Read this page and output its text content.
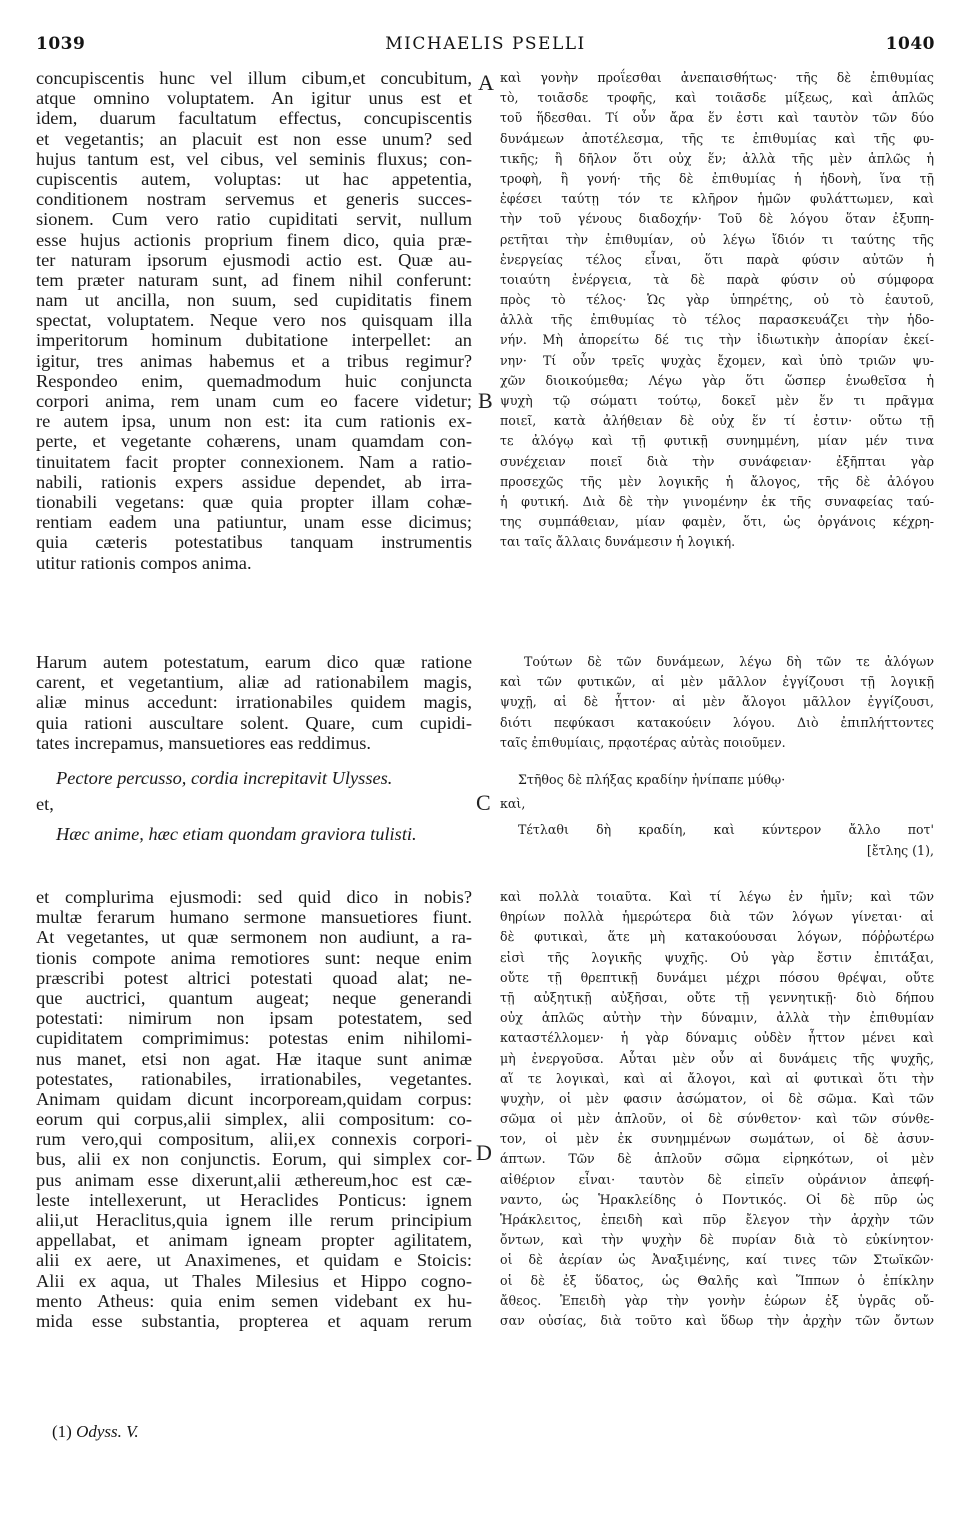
1039	MICHAELIS PSELLI	1040
A
B
C
D
concupiscentis hunc vel illum cibum,et concubitum,
atque omnino voluptatem. An igitur unus est et
idem, duarum facultatum effectus, concupiscentis
et vegetantis; an placuit est non esse unum? sed
hujus tantum est, vel cibus, vel seminis fluxus; con-
cupiscentis autem, voluptas: ut hac appetentia,
conditionem nostram servemus et generis succes-
sionem. Cum vero ratio cupiditati servit, nullum
esse hujus actionis proprium finem dico, quia præ-
ter naturam ipsorum ejusmodi actio est. Quæ au-
tem præter naturam sunt, ad finem nihil conferunt:
nam ut ancilla, non suum, sed cupiditatis finem
spectat, voluptatem. Neque vero nos quisquam illa
imperitorum hominum dubitatione interpellet: an
igitur, tres animas habemus et a tribus regimur?
Respondeo enim, quemadmodum huic conjuncta
corpori anima, rem unam cum eo facere videtur;
re autem ipsa, unum non est: ita cum rationis ex-
perte, et vegetante cohærens, unam quamdam con-
tinuitatem facit propter connexionem. Nam a ratio-
nabili, rationis expers assidue dependet, ab irra-
tionabili vegetans: quæ quia propter illam cohæ-
rentiam eadem una patiuntur, unam esse dicimus;
quia cæteris potestatibus tanquam instrumentis
utitur rationis compos anima.
Harum autem potestatum, earum dico quæ ratione
carent, et vegetantium, aliæ ad rationabilem magis,
aliæ minus accedunt: irrationabiles quidem magis,
quia rationi auscultare solent. Quare, cum cupidi-
tates increpamus, mansuetiores eas reddimus.
Pectore percusso, cordia increpitavit Ulysses.
et,
Hæc anime, hæc etiam quondam graviora tulisti.
et complurima ejusmodi: sed quid dico in nobis?
multæ ferarum humano sermone mansuetiores fiunt.
At vegetantes, ut quæ sermonem non audiunt, a ra-
tionis compote anima remotiores sunt: neque enim
præscribi potest altrici potestati quoad alat; ne-
que auctrici, quantum augeat; neque generandi
potestati: nimirum non ipsam potestatem, sed
cupiditatem comprimimus: potestas enim nihilomi-
nus manet, etsi non agat. Hæ itaque sunt animæ
potestates, rationabiles, irrationabiles, vegetantes.
Animam quidam dicunt incorpoream,quidam corpus:
eorum qui corpus,alii simplex, alii compositum: co-
rum vero,qui compositum, alii,ex connexis corpori-
bus, alii ex non conjunctis. Eorum, qui simplex cor-
pus animam esse dixerunt,alii æthereum,hoc est cæ-
leste intellexerunt, ut Heraclides Ponticus: ignem
alii,ut Heraclitus,quia ignem ille rerum principium
appellabat, et animam igneam propter agilitatem,
alii ex aere, ut Anaximenes, et quidam e Stoicis:
Alii ex aqua, ut Thales Milesius et Hippo cogno-
mento Atheus: quia enim semen videbant ex hu-
mida esse substantia, propterea et aquam rerum
καὶ γονὴν προΐεσθαι ἀνεπαισθήτως· τῆς δὲ ἐπιθυμίας
τὸ, τοιᾶσδε τροφῆς, καὶ τοιᾶσδε μίξεως, καὶ ἁπλῶς
τοῦ ἥδεσθαι. Τί οὖν ἄρα ἕν ἐστι καὶ ταυτὸν τῶν δύο
δυνάμεων ἀποτέλεσμα, τῆς τε ἐπιθυμίας καὶ τῆς φυ-
τικῆς; ἢ δῆλον ὅτι οὐχ ἕν; ἀλλὰ τῆς μὲν ἁπλῶς ἡ
τροφὴ, ἢ γονή· τῆς δὲ ἐπιθυμίας ἡ ἡδονὴ, ἵνα τῇ
ἐφέσει ταύτῃ τόν τε κλῆρον ἡμῶν φυλάττωμεν, καὶ
τὴν τοῦ γένους διαδοχήν· Τοῦ δὲ λόγου ὅταν ἐξυπη-
ρετῆται τὴν ἐπιθυμίαν, οὐ λέγω ἴδιόν τι ταύτης τῆς
ἐνεργείας τέλος εἶναι, ὅτι παρὰ φύσιν αὐτῶν ἡ
τοιαύτη ἐνέργεια, τὰ δὲ παρὰ φύσιν οὐ σύμφορα
πρὸς τὸ τέλος· Ὡς γὰρ ὑπηρέτης, οὐ τὸ ἑαυτοῦ,
ἀλλὰ τῆς ἐπιθυμίας τὸ τέλος παρασκευάζει τὴν ἡδο-
νήν. Μὴ ἀπορείτω δέ τις τὴν ἰδιωτικὴν ἀπορίαν ἐκεί-
νην· Τί οὖν τρεῖς ψυχὰς ἔχομεν, καὶ ὑπὸ τριῶν ψυ-
χῶν διοικούμεθα; Λέγω γὰρ ὅτι ὥσπερ ἑνωθεῖσα ἡ
ψυχὴ τῷ σώματι τούτῳ, δοκεῖ μὲν ἕν τι πρᾶγμα
ποιεῖ, κατὰ ἀλήθειαν δὲ οὐχ ἕν τί ἐστιν· οὕτω τῇ
τε ἀλόγῳ καὶ τῇ φυτικῇ συνημμένη, μίαν μέν τινα
συνέχειαν ποιεῖ διὰ τὴν συνάφειαν· ἐξῆπται γὰρ
προσεχῶς τῆς μὲν λογικῆς ἡ ἄλογος, τῆς δὲ ἀλόγου
ἡ φυτική. Διὰ δὲ τὴν γινομένην ἐκ τῆς συναφείας ταύ-
της συμπάθειαν, μίαν φαμὲν, ὅτι, ὡς ὀργάνοις κέχρη-
ται ταῖς ἄλλαις δυνάμεσιν ἡ λογική.
Τούτων δὲ τῶν δυνάμεων, λέγω δὴ τῶν τε ἀλόγων
καὶ τῶν φυτικῶν, αἱ μὲν μᾶλλον ἐγγίζουσι τῇ λογικῇ
ψυχῇ, αἱ δὲ ἧττον· αἱ μὲν ἄλογοι μᾶλλον ἐγγίζουσι,
διότι πεφύκασι κατακούειν λόγου. Διὸ ἐπιπλήττοντες
ταῖς ἐπιθυμίαις, πρᾳοτέρας αὐτὰς ποιοῦμεν.
Στῆθος δὲ πλήξας κραδίην ἠνίπαπε μύθῳ·
καὶ,
Τέτλαθι δὴ κραδίη, καὶ κύντερον ἄλλο ποτ'
[ἔτλης (1),
καὶ πολλὰ τοιαῦτα. Καὶ τί λέγω ἐν ἡμῖν; καὶ τῶν
θηρίων πολλὰ ἡμερώτερα διὰ τῶν λόγων γίνεται· αἱ
δὲ φυτικαὶ, ἅτε μὴ κατακούουσαι λόγων, πόῤῥωτέρω
εἰσὶ τῆς λογικῆς ψυχῆς. Οὐ γὰρ ἔστιν ἐπιτάξαι,
οὔτε τῇ θρεπτικῇ δυνάμει μέχρι πόσου θρέψαι, οὔτε
τῇ αὐξητικῇ αὐξῆσαι, οὔτε τῇ γεννητικῇ· διὸ δήπου
οὐχ ἁπλῶς αὐτὴν τὴν δύναμιν, ἀλλὰ τὴν ἐπιθυμίαν
καταστέλλομεν· ἡ γὰρ δύναμις οὐδὲν ἧττον μένει καὶ
μὴ ἐνεργοῦσα. Αὗται μὲν οὖν αἱ δυνάμεις τῆς ψυχῆς,
αἵ τε λογικαὶ, καὶ αἱ ἄλογοι, καὶ αἱ φυτικαὶ ὅτι τὴν
ψυχὴν, οἱ μὲν φασιν ἀσώματον, οἱ δὲ σῶμα. Καὶ τῶν
σῶμα οἱ μὲν ἁπλοῦν, οἱ δὲ σύνθετον· καὶ τῶν σύνθε-
τον, οἱ μὲν ἐκ συνημμένων σωμάτων, οἱ δὲ ἀσυν-
άπτων. Τῶν δὲ ἁπλοῦν σῶμα εἰρηκότων, οἱ μὲν
αἰθέριον εἶναι· ταυτὸν δὲ εἰπεῖν οὐράνιον ἀπεφή-
ναντο, ὡς Ἡρακλείδης ὁ Ποντικός. Οἱ δὲ πῦρ ὡς
Ἡράκλειτος, ἐπειδὴ καὶ πῦρ ἔλεγον τὴν ἀρχὴν τῶν
ὄντων, καὶ τὴν ψυχὴν δὲ πυρίαν διὰ τὸ εὐκίνητον·
οἱ δὲ ἀερίαν ὡς Ἀναξιμένης, καί τινες τῶν Στωϊκῶν·
οἱ δὲ ἐξ ὕδατος, ὡς Θαλῆς καὶ Ἵππων ὁ ἐπίκλην
ἄθεος. Ἐπειδὴ γὰρ τὴν γονὴν ἑώρων ἐξ ὑγρᾶς οὔ-
σαν οὐσίας, διὰ τοῦτο καὶ ὕδωρ τὴν ἀρχὴν τῶν ὄντων
(1) Odyss. V.
